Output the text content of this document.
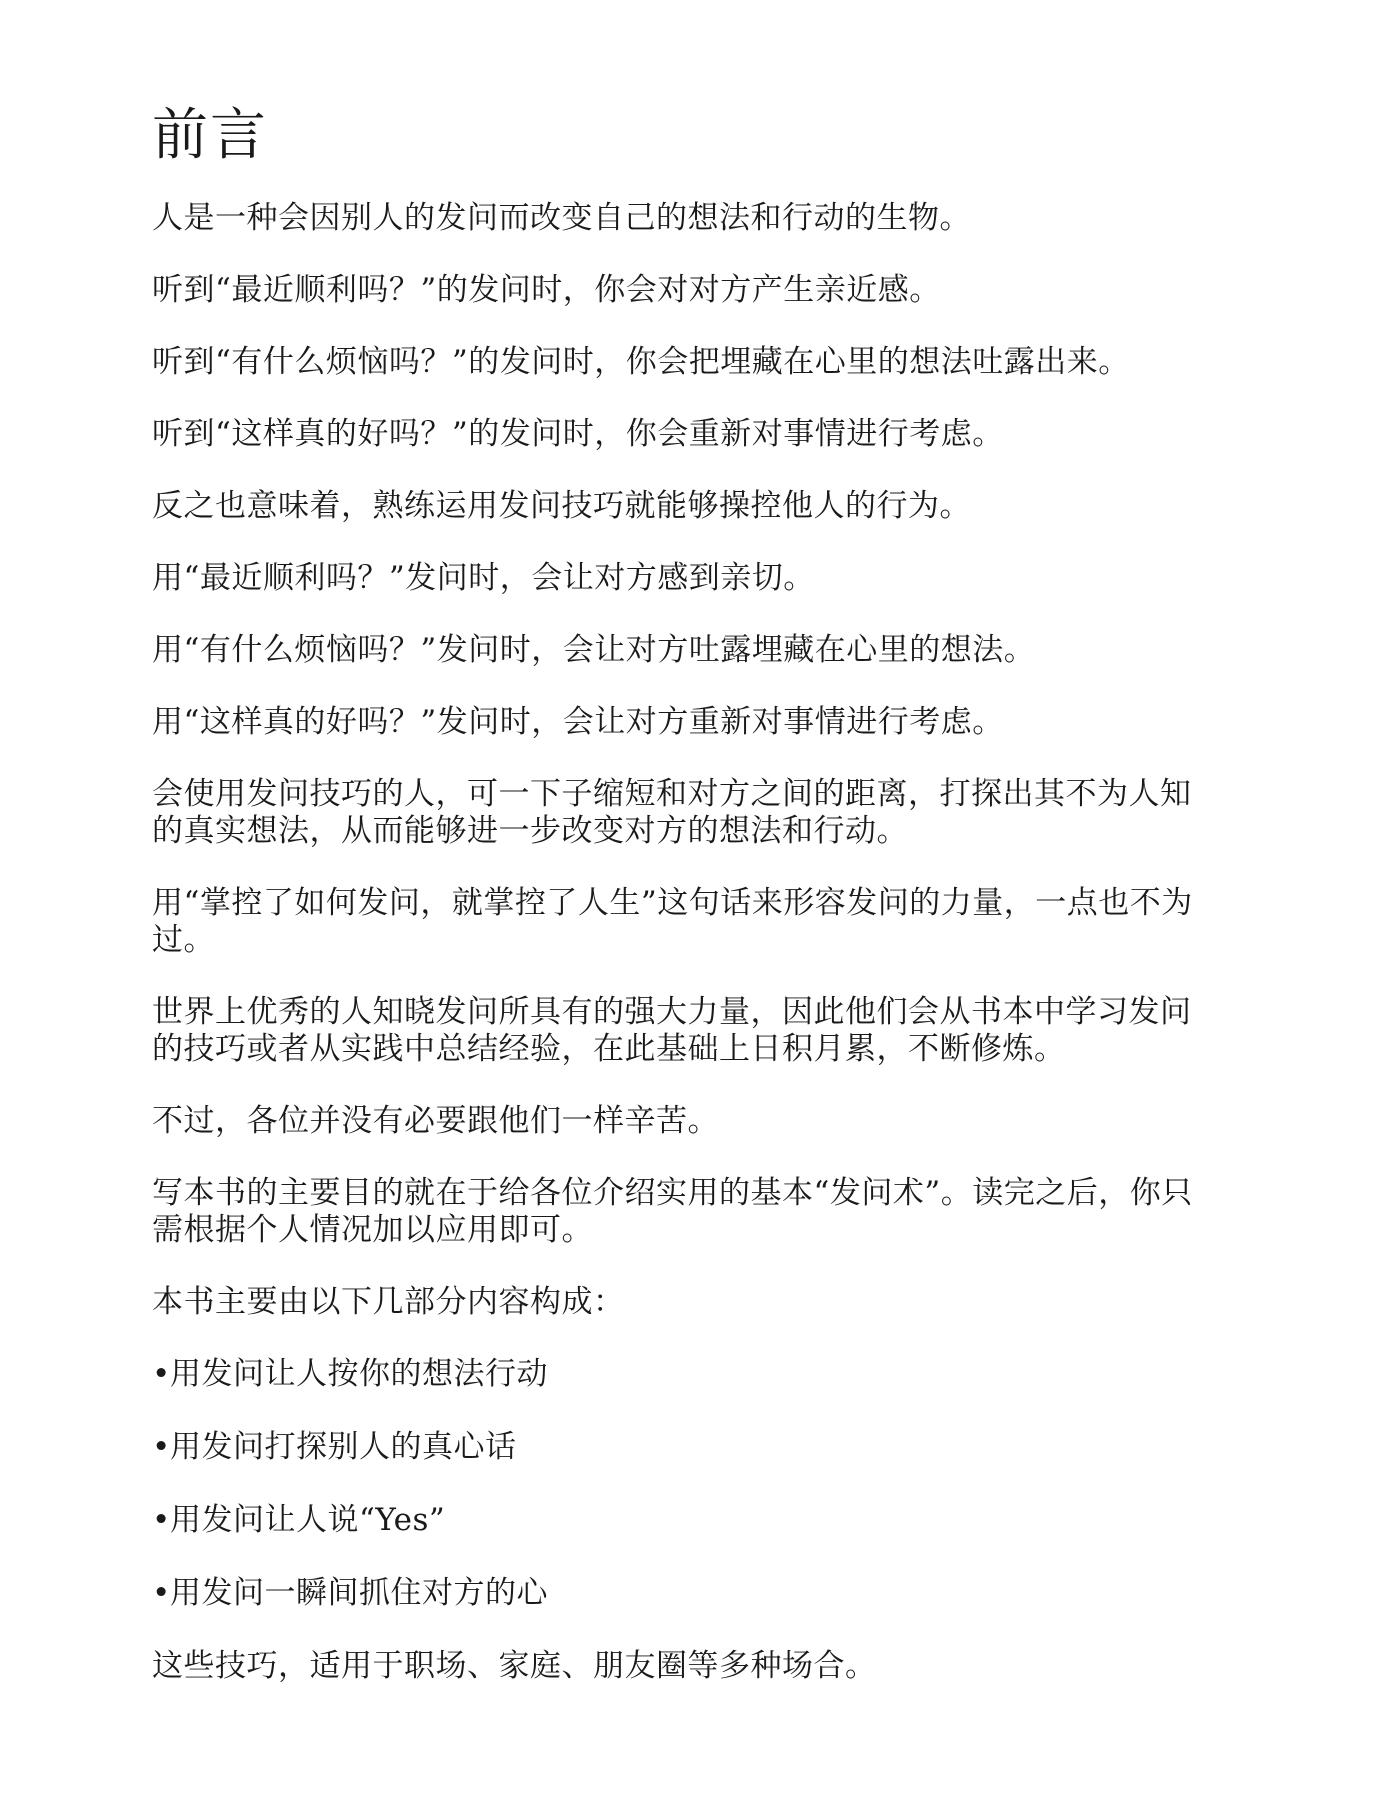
前言

人是一种会因别人的发问而改变自己的想法和行动的生物。

听到“最近顺利吗？”的发问时，你会对对方产生亲近感。

听到“有什么烦恼吗？”的发问时，你会把埋藏在心里的想法吐露出来。

听到“这样真的好吗？”的发问时，你会重新对事情进行考虑。

反之也意味着，熟练运用发问技巧就能够操控他人的行为。

用“最近顺利吗？”发问时，会让对方感到亲切。

用“有什么烦恼吗？”发问时，会让对方吐露埋藏在心里的想法。

用“这样真的好吗？”发问时，会让对方重新对事情进行考虑。

会使用发问技巧的人，可一下子缩短和对方之间的距离，打探出其不为人知的真实想法，从而能够进一步改变对方的想法和行动。

用“掌控了如何发问，就掌控了人生”这句话来形容发问的力量，一点也不为过。

世界上优秀的人知晓发问所具有的强大力量，因此他们会从书本中学习发问的技巧或者从实践中总结经验，在此基础上日积月累，不断修炼。

不过，各位并没有必要跟他们一样辛苦。

写本书的主要目的就在于给各位介绍实用的基本“发问术”。读完之后，你只需根据个人情况加以应用即可。

本书主要由以下几部分内容构成：

•用发问让人按你的想法行动
•用发问打探别人的真心话
•用发问让人说“Yes”
•用发问一瞬间抓住对方的心

这些技巧，适用于职场、家庭、朋友圈等多种场合。
